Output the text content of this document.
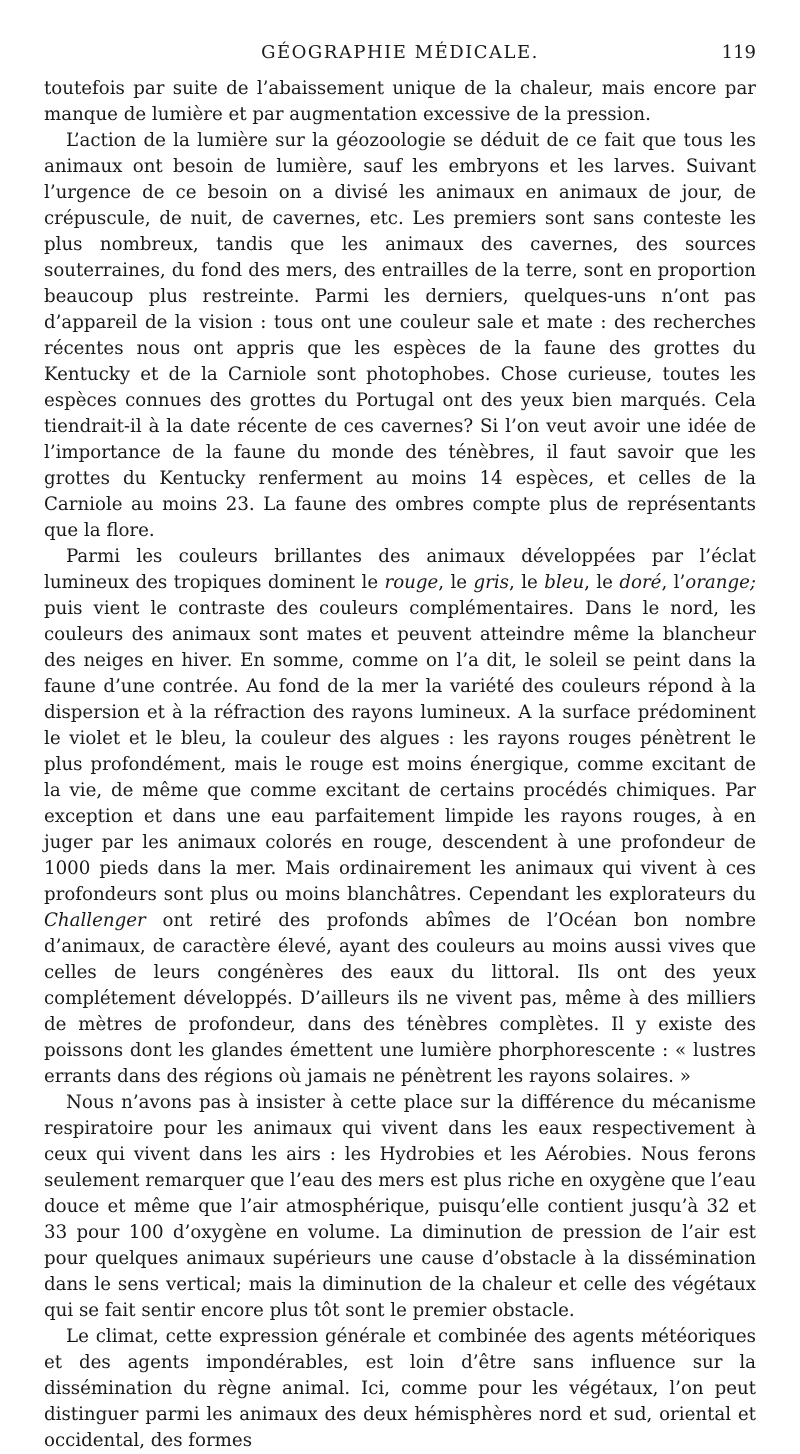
GÉOGRAPHIE MÉDICALE.	119

toutefois par suite de l’abaissement unique de la chaleur, mais encore par manque de lumière et par augmentation excessive de la pression.

L’action de la lumière sur la géozoologie se déduit de ce fait que tous les animaux ont besoin de lumière, sauf les embryons et les larves. Suivant l’urgence de ce besoin on a divisé les animaux en animaux de jour, de crépuscule, de nuit, de cavernes, etc. Les premiers sont sans conteste les plus nombreux, tandis que les animaux des cavernes, des sources souterraines, du fond des mers, des entrailles de la terre, sont en proportion beaucoup plus restreinte. Parmi les derniers, quelques-uns n’ont pas d’appareil de la vision : tous ont une couleur sale et mate : des recherches récentes nous ont appris que les espèces de la faune des grottes du Kentucky et de la Carniole sont photophobes. Chose curieuse, toutes les espèces connues des grottes du Portugal ont des yeux bien marqués. Cela tiendrait-il à la date récente de ces cavernes? Si l’on veut avoir une idée de l’importance de la faune du monde des ténèbres, il faut savoir que les grottes du Kentucky renferment au moins 14 espèces, et celles de la Carniole au moins 23. La faune des ombres compte plus de représentants que la flore.

Parmi les couleurs brillantes des animaux développées par l’éclat lumineux des tropiques dominent le rouge, le gris, le bleu, le doré, l’orange; puis vient le contraste des couleurs complémentaires. Dans le nord, les couleurs des animaux sont mates et peuvent atteindre même la blancheur des neiges en hiver. En somme, comme on l’a dit, le soleil se peint dans la faune d’une contrée. Au fond de la mer la variété des couleurs répond à la dispersion et à la réfraction des rayons lumineux. A la surface prédominent le violet et le bleu, la couleur des algues : les rayons rouges pénètrent le plus profondément, mais le rouge est moins énergique, comme excitant de la vie, de même que comme excitant de certains procédés chimiques. Par exception et dans une eau parfaitement limpide les rayons rouges, à en juger par les animaux colorés en rouge, descendent à une profondeur de 1000 pieds dans la mer. Mais ordinairement les animaux qui vivent à ces profondeurs sont plus ou moins blanchâtres. Cependant les explorateurs du Challenger ont retiré des profonds abîmes de l’Océan bon nombre d’animaux, de caractère élevé, ayant des couleurs au moins aussi vives que celles de leurs congénères des eaux du littoral. Ils ont des yeux complétement développés. D’ailleurs ils ne vivent pas, même à des milliers de mètres de profondeur, dans des ténèbres complètes. Il y existe des poissons dont les glandes émettent une lumière phorphorescente : « lustres errants dans des régions où jamais ne pénètrent les rayons solaires. »

Nous n’avons pas à insister à cette place sur la différence du mécanisme respiratoire pour les animaux qui vivent dans les eaux respectivement à ceux qui vivent dans les airs : les Hydrobies et les Aérobies. Nous ferons seulement remarquer que l’eau des mers est plus riche en oxygène que l’eau douce et même que l’air atmosphérique, puisqu’elle contient jusqu’à 32 et 33 pour 100 d’oxygène en volume. La diminution de pression de l’air est pour quelques animaux supérieurs une cause d’obstacle à la dissémination dans le sens vertical; mais la diminution de la chaleur et celle des végétaux qui se fait sentir encore plus tôt sont le premier obstacle.

Le climat, cette expression générale et combinée des agents météoriques et des agents impondérables, est loin d’être sans influence sur la dissémination du règne animal. Ici, comme pour les végétaux, l’on peut distinguer parmi les animaux des deux hémisphères nord et sud, oriental et occidental, des formes
